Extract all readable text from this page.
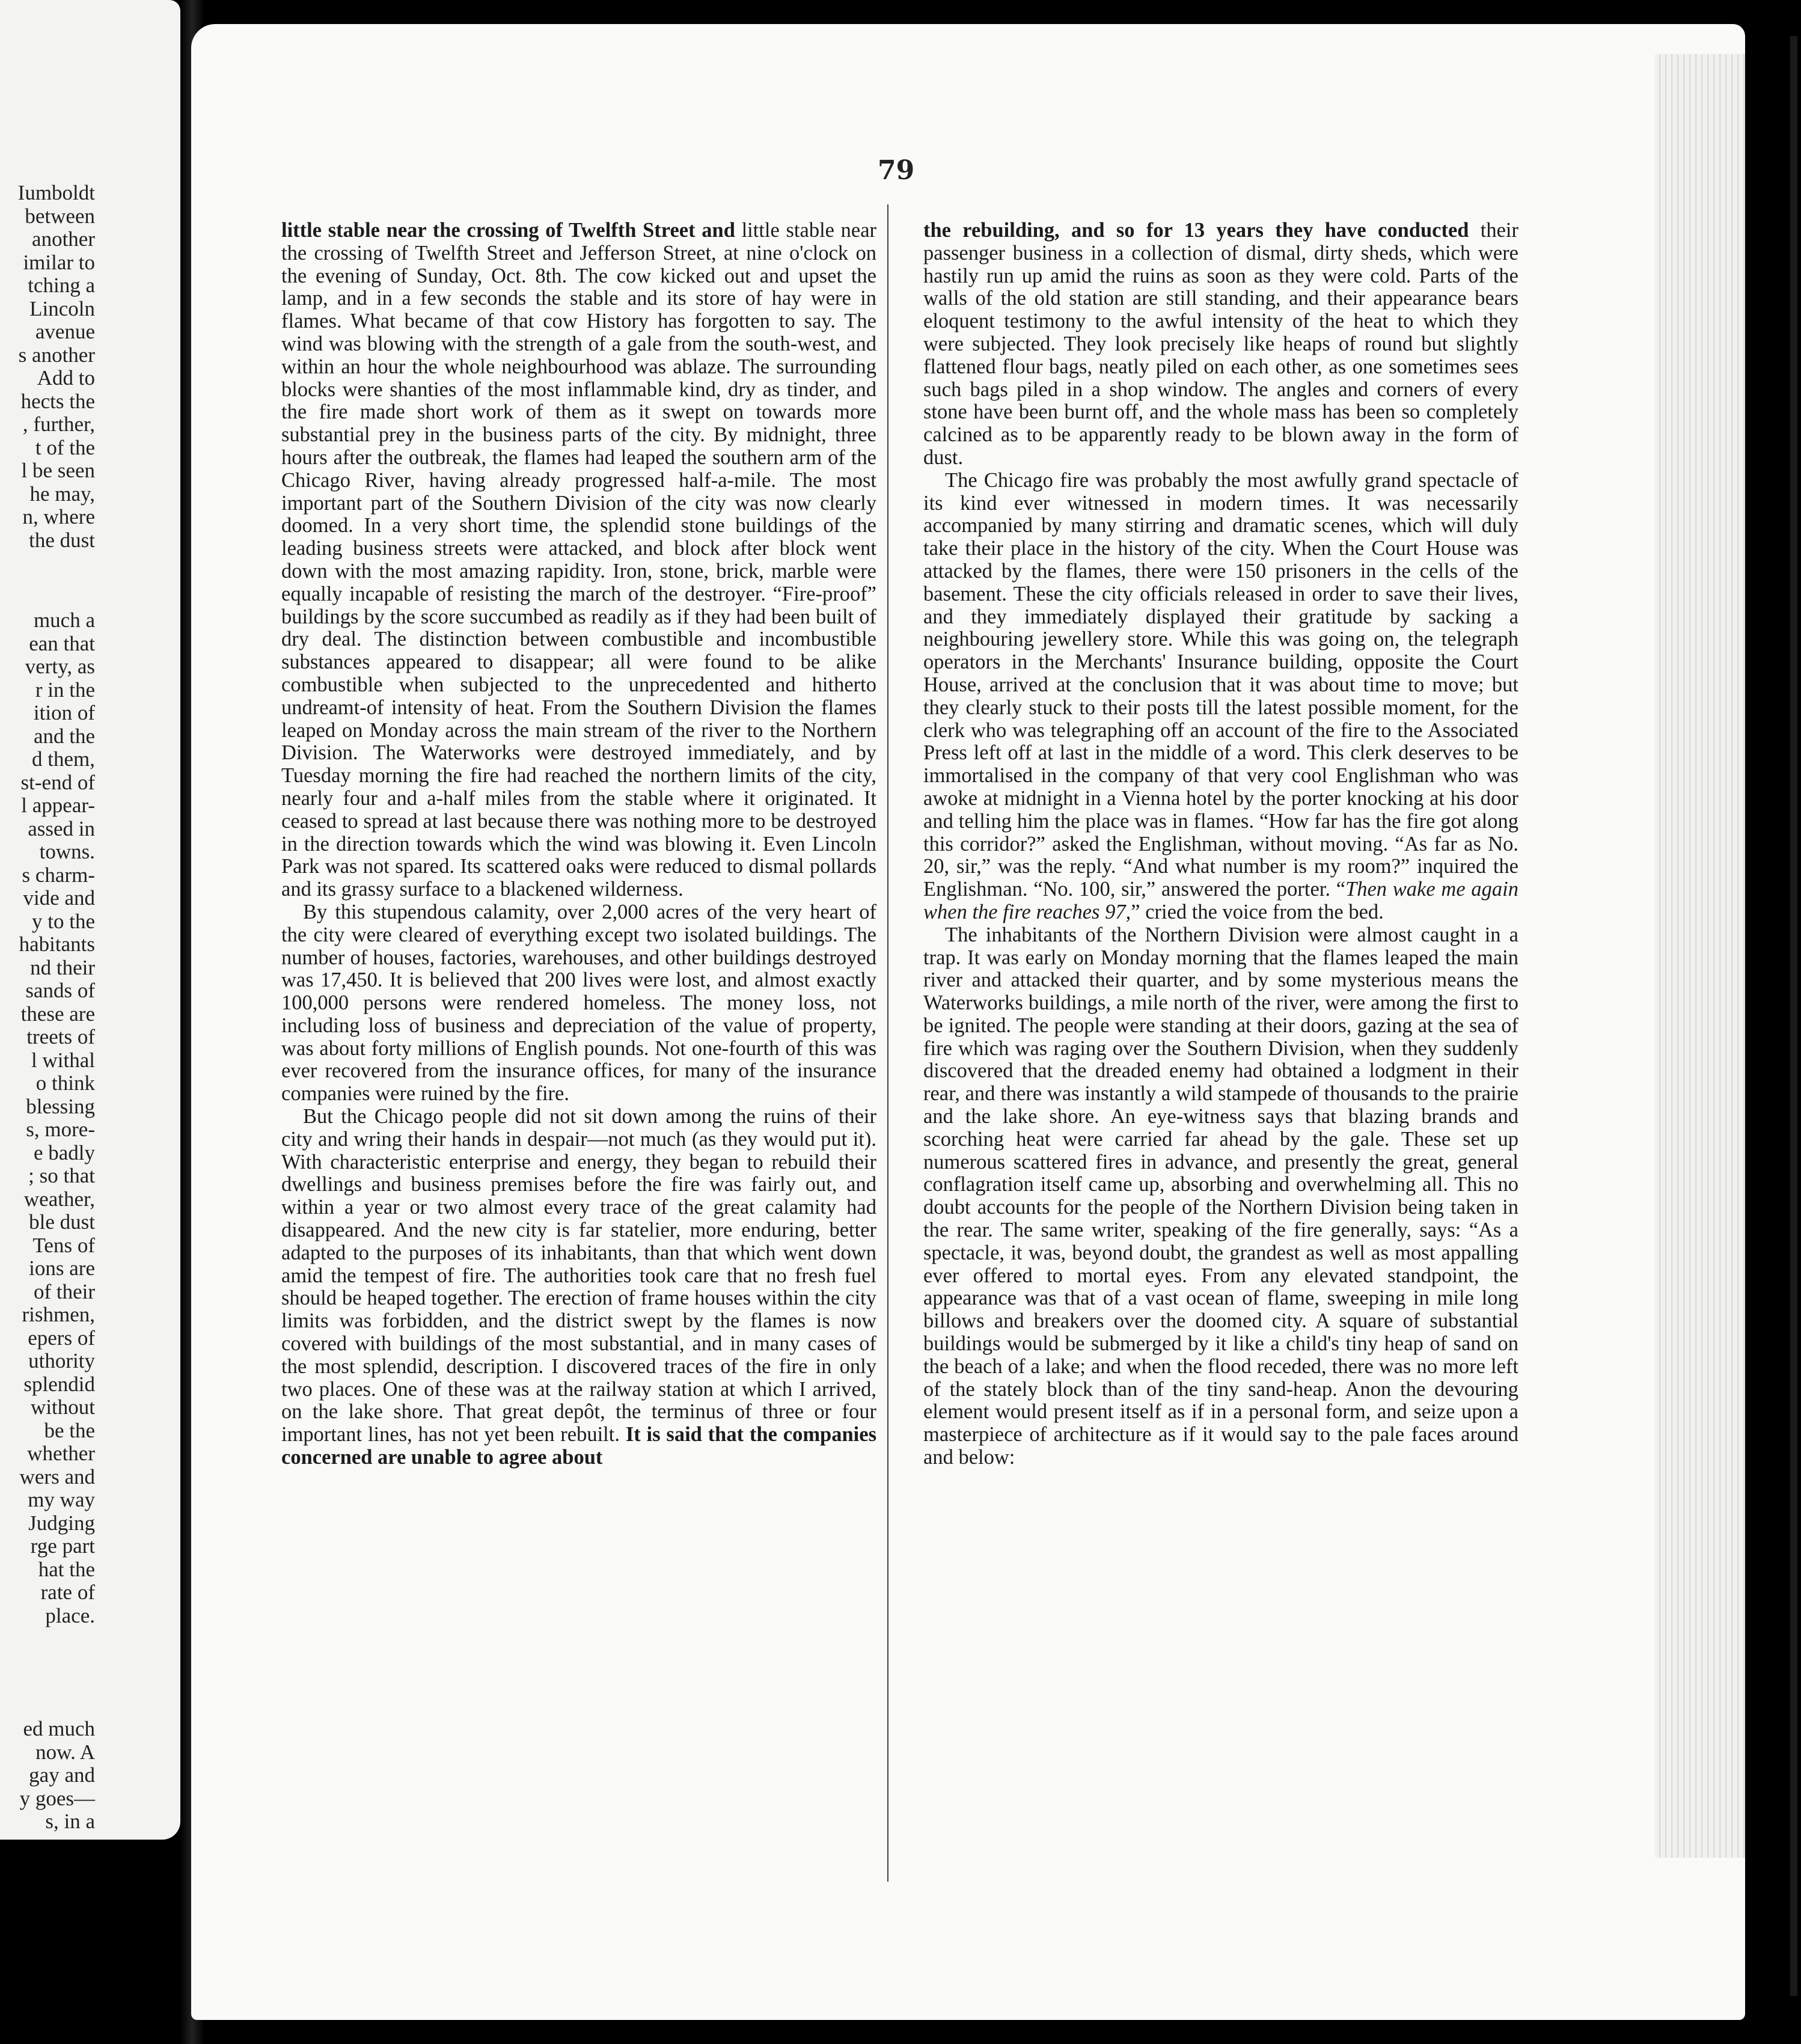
Iumboldt
between
another
imilar to
tching a
Lincoln
avenue
s another
Add to
hects the
, further,
t of the
l be seen
he may,
n, where
the dust
much a
ean that
verty, as
r in the
ition of
and the
d them,
st-end of
l appear-
assed in
towns.
s charm-
vide and
y to the
habitants
nd their
sands of
these are
treets of
l withal
o think
blessing
s, more-
e badly
; so that
weather,
ble dust
Tens of
ions are
of their
rishmen,
epers of
uthority
splendid
without
be the
whether
wers and
my way
Judging
rge part
hat the
rate of
place.
ed much
now. A
gay and
y goes—
s, in a
79

little stable near the crossing of Twelfth Street and little stable near the crossing of Twelfth Street and Jefferson Street, at nine o'clock on the evening of Sunday, Oct. 8th. The cow kicked out and upset the lamp, and in a few seconds the stable and its store of hay were in flames. What became of that cow History has forgotten to say. The wind was blowing with the strength of a gale from the south-west, and within an hour the whole neighbourhood was ablaze. The surrounding blocks were shanties of the most inflammable kind, dry as tinder, and the fire made short work of them as it swept on towards more substantial prey in the business parts of the city. By midnight, three hours after the outbreak, the flames had leaped the southern arm of the Chicago River, having already progressed half-a-mile. The most important part of the Southern Division of the city was now clearly doomed. In a very short time, the splendid stone buildings of the leading business streets were attacked, and block after block went down with the most amazing rapidity. Iron, stone, brick, marble were equally incapable of resisting the march of the destroyer. “Fire-proof” buildings by the score succumbed as readily as if they had been built of dry deal. The distinction between combustible and incombustible substances appeared to disappear; all were found to be alike combustible when subjected to the unprecedented and hitherto undreamt-of intensity of heat. From the Southern Division the flames leaped on Monday across the main stream of the river to the Northern Division. The Waterworks were destroyed immediately, and by Tuesday morning the fire had reached the northern limits of the city, nearly four and a-half miles from the stable where it originated. It ceased to spread at last because there was nothing more to be destroyed in the direction towards which the wind was blowing it. Even Lincoln Park was not spared. Its scattered oaks were reduced to dismal pollards and its grassy surface to a blackened wilderness.

By this stupendous calamity, over 2,000 acres of the very heart of the city were cleared of everything except two isolated buildings. The number of houses, factories, warehouses, and other buildings destroyed was 17,450. It is believed that 200 lives were lost, and almost exactly 100,000 persons were rendered homeless. The money loss, not including loss of business and depreciation of the value of property, was about forty millions of English pounds. Not one-fourth of this was ever recovered from the insurance offices, for many of the insurance companies were ruined by the fire.

But the Chicago people did not sit down among the ruins of their city and wring their hands in despair—not much (as they would put it). With characteristic enterprise and energy, they began to rebuild their dwellings and business premises before the fire was fairly out, and within a year or two almost every trace of the great calamity had disappeared. And the new city is far statelier, more enduring, better adapted to the purposes of its inhabitants, than that which went down amid the tempest of fire. The authorities took care that no fresh fuel should be heaped together. The erection of frame houses within the city limits was forbidden, and the district swept by the flames is now covered with buildings of the most substantial, and in many cases of the most splendid, description. I discovered traces of the fire in only two places. One of these was at the railway station at which I arrived, on the lake shore. That great depôt, the terminus of three or four important lines, has not yet been rebuilt. It is said that the companies concerned are unable to agree about

the rebuilding, and so for 13 years they have conducted their passenger business in a collection of dismal, dirty sheds, which were hastily run up amid the ruins as soon as they were cold. Parts of the walls of the old station are still standing, and their appearance bears eloquent testimony to the awful intensity of the heat to which they were subjected. They look precisely like heaps of round but slightly flattened flour bags, neatly piled on each other, as one sometimes sees such bags piled in a shop window. The angles and corners of every stone have been burnt off, and the whole mass has been so completely calcined as to be apparently ready to be blown away in the form of dust.

The Chicago fire was probably the most awfully grand spectacle of its kind ever witnessed in modern times. It was necessarily accompanied by many stirring and dramatic scenes, which will duly take their place in the history of the city. When the Court House was attacked by the flames, there were 150 prisoners in the cells of the basement. These the city officials released in order to save their lives, and they immediately displayed their gratitude by sacking a neighbouring jewellery store. While this was going on, the telegraph operators in the Merchants' Insurance building, opposite the Court House, arrived at the conclusion that it was about time to move; but they clearly stuck to their posts till the latest possible moment, for the clerk who was telegraphing off an account of the fire to the Associated Press left off at last in the middle of a word. This clerk deserves to be immortalised in the company of that very cool Englishman who was awoke at midnight in a Vienna hotel by the porter knocking at his door and telling him the place was in flames. “How far has the fire got along this corridor?” asked the Englishman, without moving. “As far as No. 20, sir,” was the reply. “And what number is my room?” inquired the Englishman. “No. 100, sir,” answered the porter. “Then wake me again when the fire reaches 97,” cried the voice from the bed.

The inhabitants of the Northern Division were almost caught in a trap. It was early on Monday morning that the flames leaped the main river and attacked their quarter, and by some mysterious means the Waterworks buildings, a mile north of the river, were among the first to be ignited. The people were standing at their doors, gazing at the sea of fire which was raging over the Southern Division, when they suddenly discovered that the dreaded enemy had obtained a lodgment in their rear, and there was instantly a wild stampede of thousands to the prairie and the lake shore. An eye-witness says that blazing brands and scorching heat were carried far ahead by the gale. These set up numerous scattered fires in advance, and presently the great, general conflagration itself came up, absorbing and overwhelming all. This no doubt accounts for the people of the Northern Division being taken in the rear. The same writer, speaking of the fire generally, says: “As a spectacle, it was, beyond doubt, the grandest as well as most appalling ever offered to mortal eyes. From any elevated standpoint, the appearance was that of a vast ocean of flame, sweeping in mile long billows and breakers over the doomed city. A square of substantial buildings would be submerged by it like a child's tiny heap of sand on the beach of a lake; and when the flood receded, there was no more left of the stately block than of the tiny sand-heap. Anon the devouring element would present itself as if in a personal form, and seize upon a masterpiece of architecture as if it would say to the pale faces around and below:
